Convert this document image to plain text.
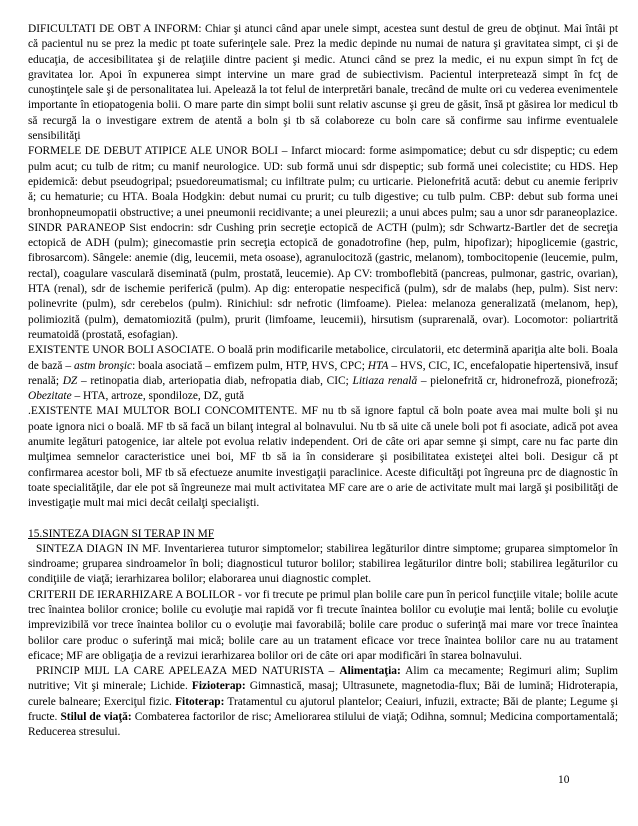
DIFICULTATI DE OBT A INFORM: Chiar şi atunci când apar unele simpt, acestea sunt destul de greu de obţinut. Mai întâi pt că pacientul nu se prez la medic pt toate suferinţele sale. Prez la medic depinde nu numai de natura şi gravitatea simpt, ci şi de educaţia, de accesibilitatea şi de relaţiile dintre pacient şi medic. Atunci când se prez la medic, ei nu expun simpt în fcţ de gravitatea lor. Apoi în expunerea simpt intervine un mare grad de subiectivism. Pacientul interpretează simpt în fcţ de cunoştinţele sale şi de personalitatea lui. Apelează la tot felul de interpretări banale, trecând de multe ori cu vederea evenimentele importante în etiopatogenia bolii. O mare parte din simpt bolii sunt relativ ascunse şi greu de găsit, însă pt găsirea lor medicul tb să recurgă la o investigare extrem de atentă a boln şi tb să colaboreze cu boln care să confirme sau infirme eventualele sensibilităţi

FORMELE DE DEBUT ATIPICE ALE UNOR BOLI – Infarct miocard: forme asimpomatice; debut cu sdr dispeptic; cu edem pulm acut; cu tulb de ritm; cu manif neurologice. UD: sub formă unui sdr dispeptic; sub formă unei colecistite; cu HDS. Hep epidemică: debut pseudogripal; psuedoreumatismal; cu infiltrate pulm; cu urticarie. Pielonefrită acută: debut cu anemie feripriv ă; cu hematurie; cu HTA. Boala Hodgkin: debut numai cu prurit; cu tulb digestive; cu tulb pulm. CBP: debut sub forma unei bronhopneumopatii obstructive; a unei pneumonii recidivante; a unei pleurezii; a unui abces pulm; sau a unor sdr paraneoplazice.

SINDR PARANEOP Sist endocrin: sdr Cushing prin secreţie ectopică de ACTH (pulm); sdr Schwartz-Bartler det de secreţia ectopică de ADH (pulm); ginecomastie prin secreţia ectopică de gonadotrofine (hep, pulm, hipofizar); hipoglicemie (gastric, fibrosarcom). Sângele: anemie (dig, leucemii, meta osoase), agranulocitoză (gastric, melanom), tombocitopenie (leucemie, pulm, rectal), coagulare vasculară diseminată (pulm, prostată, leucemie). Ap CV: tromboflebită (pancreas, pulmonar, gastric, ovarian), HTA (renal), sdr de ischemie periferică (pulm). Ap dig: enteropatie nespecifică (pulm), sdr de malabs (hep, pulm). Sist nerv: polinevrite (pulm), sdr cerebelos (pulm). Rinichiul: sdr nefrotic (limfoame). Pielea: melanoza generalizată (melanom, hep), polimiozită (pulm), dematomiozită (pulm), prurit (limfoame, leucemii), hirsutism (suprarenală, ovar). Locomotor: poliartrită reumatoidă (prostată, esofagian).

EXISTENTE UNOR BOLI ASOCIATE. O boală prin modificarile metabolice, circulatorii, etc determină apariţia alte boli. Boala de bază – astm bronşic: boala asociată – emfizem pulm, HTP, HVS, CPC; HTA – HVS, CIC, IC, encefalopatie hipertensivă, insuf renală; DZ – retinopatia diab, arteriopatia diab, nefropatia diab, CIC; Litiaza renală – pielonefrită cr, hidronefroză, pionefroză; Obezitate – HTA, artroze, spondiloze, DZ, gută

.EXISTENTE MAI MULTOR BOLI CONCOMITENTE. MF nu tb să ignore faptul că boln poate avea mai multe boli şi nu poate ignora nici o boală. MF tb să facă un bilanţ integral al bolnavului. Nu tb să uite că unele boli pot fi asociate, adică pot avea anumite legături patogenice, iar altele pot evolua relativ independent. Ori de câte ori apar semne şi simpt, care nu fac parte din mulţimea semnelor caracteristice unei boi, MF tb să ia în considerare şi posibilitatea existeţei altei boli. Desigur că pt confirmarea acestor boli, MF tb să efectueze anumite investigaţii paraclinice. Aceste dificultăţi pot îngreuna prc de diagnostic în toate specialităţile, dar ele pot să îngreuneze mai mult activitatea MF care are o arie de activitate mult mai largă şi posibilităţi de investigaţie mult mai mici decât ceilalţi specialişti.

15.SINTEZA DIAGN SI TERAP IN MF

SINTEZA DIAGN IN MF. Inventarierea tuturor simptomelor; stabilirea legăturilor dintre simptome; gruparea simptomelor în sindroame; gruparea sindroamelor în boli; diagnosticul tuturor bolilor; stabilirea legăturilor dintre boli; stabilirea legăturilor cu condiţiile de viaţă; ierarhizarea bolilor; elaborarea unui diagnostic complet.

CRITERII DE IERARHIZARE A BOLILOR - vor fi trecute pe primul plan bolile care pun în pericol funcţiile vitale; bolile acute trec înaintea bolilor cronice; bolile cu evoluţie mai rapidă vor fi trecute înaintea bolilor cu evoluţie mai lentă; bolile cu evoluţie imprevizibilă vor trece înaintea bolilor cu o evoluţie mai favorabilă; bolile care produc o suferinţă mai mare vor trece înaintea bolilor care produc o suferinţă mai mică; bolile care au un tratament eficace vor trece înaintea bolilor care nu au tratament eficace; MF are obligaţia de a revizui ierarhizarea bolilor ori de câte ori apar modificări în starea bolnavului.

PRINCIP MIJL LA CARE APELEAZA MED NATURISTA – Alimentaţia: Alim ca mecamente; Regimuri alim; Suplim nutritive; Vit şi minerale; Lichide. Fizioterap: Gimnastică, masaj; Ultrasunete, magnetodia-flux; Băi de lumină; Hidroterapia, curele balneare; Exerciţul fizic. Fitoterap: Tratamentul cu ajutorul plantelor; Ceaiuri, infuzii, extracte; Băi de plante; Legume şi fructe. Stilul de viaţă: Combaterea factorilor de risc; Ameliorarea stilului de viaţă; Odihna, somnul; Medicina comportamentală; Reducerea stresului.

10
